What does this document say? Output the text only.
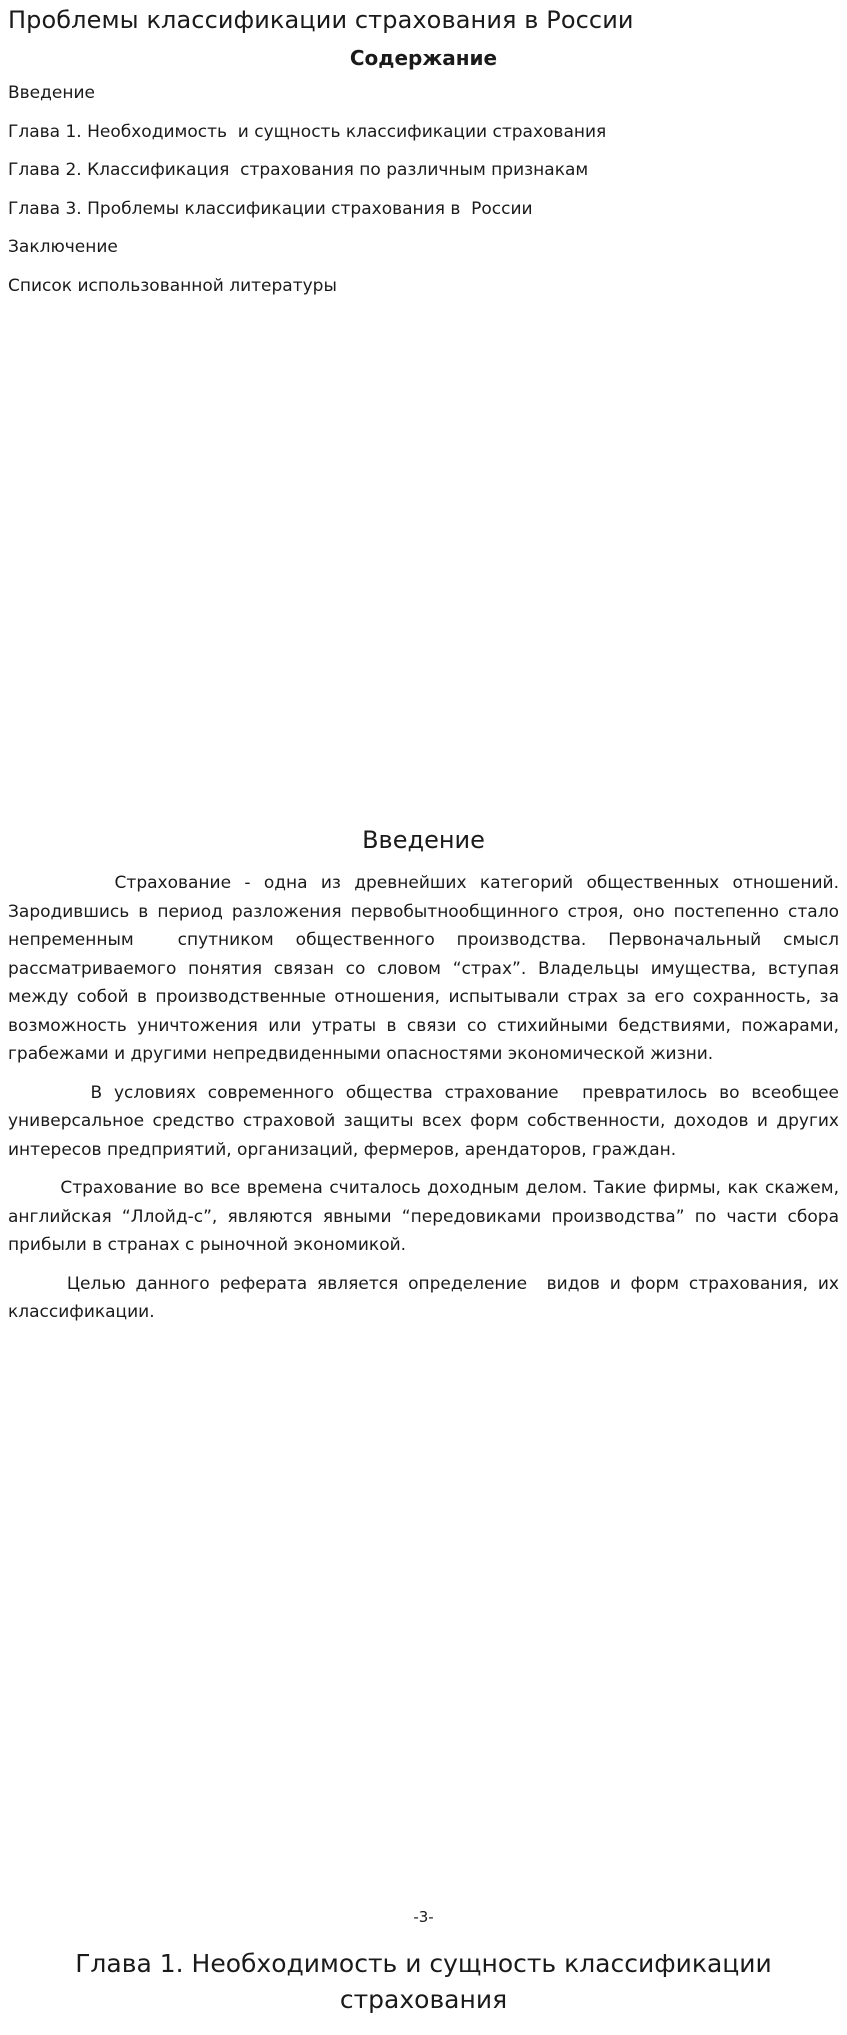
Проблемы классификации страхования в России
Содержание
Введение
Глава 1. Необходимость  и сущность классификации страхования
Глава 2. Классификация  страхования по различным признакам
Глава 3. Проблемы классификации страхования в  России
Заключение
Список использованной литературы
Введение

Страхование - одна из древнейших категорий общественных отношений. Зародившись в период разложения первобытнообщинного строя, оно постепенно стало непременным  спутником общественного производства. Первоначальный смысл рассматриваемого понятия связан со словом “страх”. Владельцы имущества, вступая между собой в производственные отношения, испытывали страх за его сохранность, за возможность уничтожения или утраты в связи со стихийными бедствиями, пожарами, грабежами и другими непредвиденными опасностями экономической жизни.

В условиях современного общества страхование  превратилось во всеобщее универсальное средство страховой защиты всех форм собственности, доходов и других интересов предприятий, организаций, фермеров, арендаторов, граждан.

Страхование во все времена считалось доходным делом. Такие фирмы, как скажем, английская “Ллойд-с”, являются явными “передовиками производства” по части сбора прибыли в странах с рыночной экономикой.

Целью данного реферата является определение  видов и форм страхования, их классификации.

-3-
Глава 1. Необходимость и сущность классификации страхования
